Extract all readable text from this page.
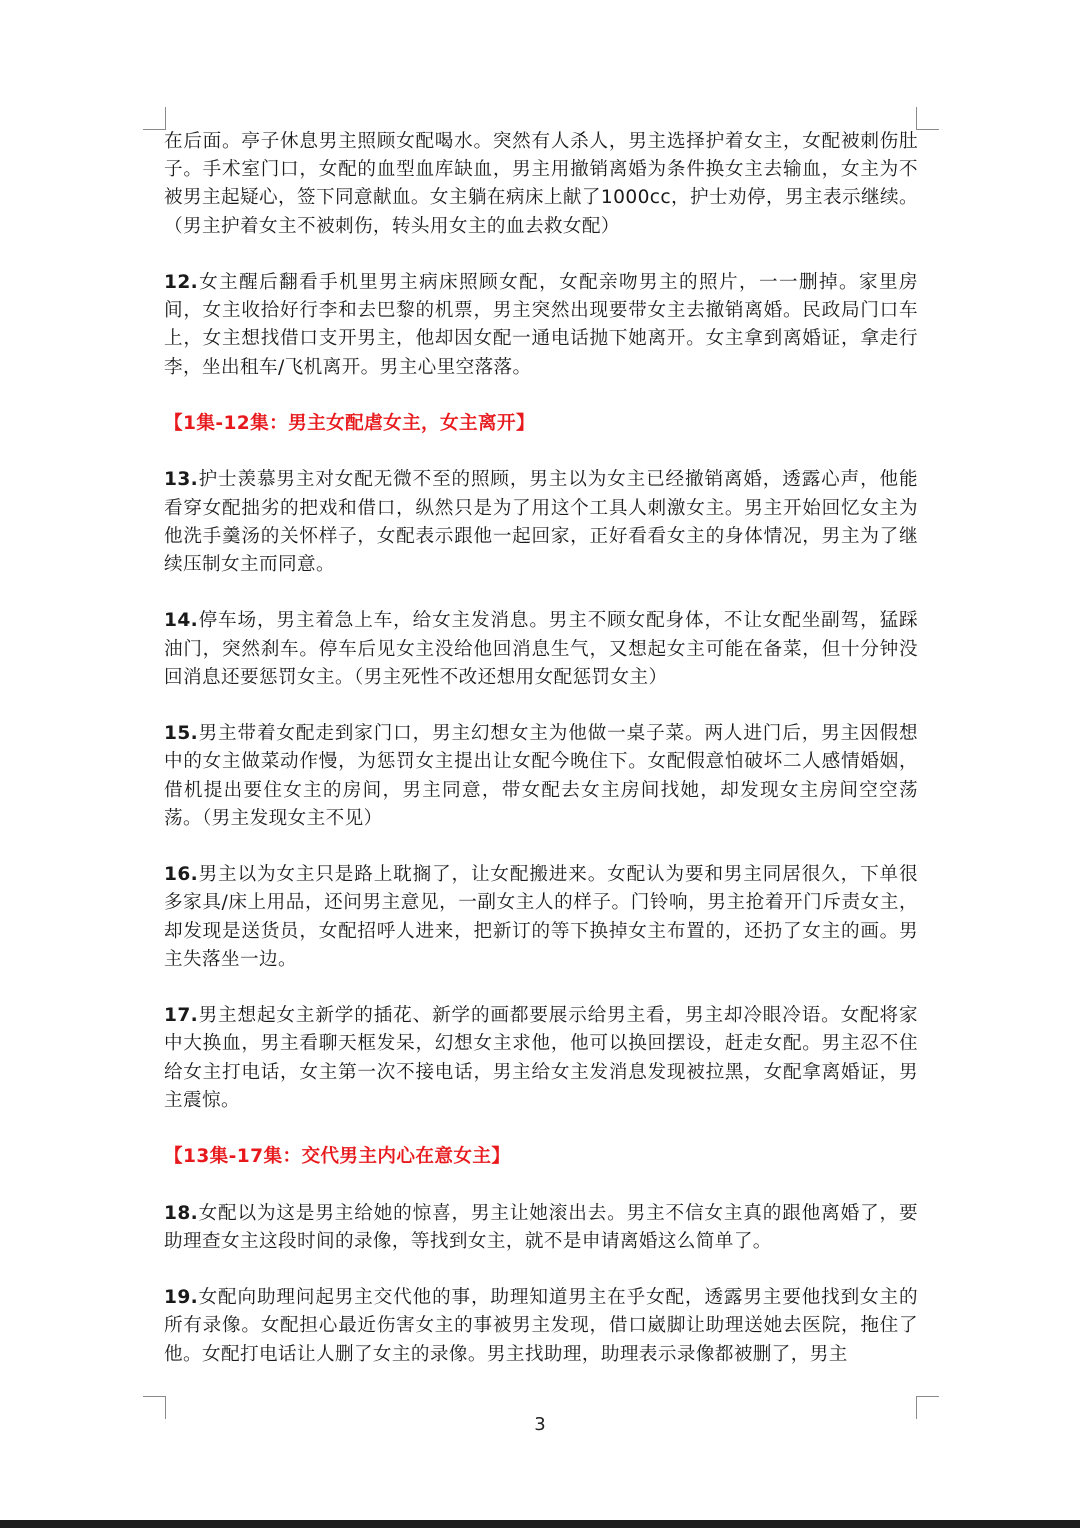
在后面。亭子休息男主照顾女配喝水。突然有人杀人，男主选择护着女主，女配被刺伤肚子。手术室门口，女配的血型血库缺血，男主用撤销离婚为条件换女主去输血，女主为不被男主起疑心，签下同意献血。女主躺在病床上献了1000cc，护士劝停，男主表示继续。（男主护着女主不被刺伤，转头用女主的血去救女配）

12.女主醒后翻看手机里男主病床照顾女配，女配亲吻男主的照片，一一删掉。家里房间，女主收拾好行李和去巴黎的机票，男主突然出现要带女主去撤销离婚。民政局门口车上，女主想找借口支开男主，他却因女配一通电话抛下她离开。女主拿到离婚证，拿走行李，坐出租车/飞机离开。男主心里空落落。

【1集-12集：男主女配虐女主，女主离开】

13.护士羡慕男主对女配无微不至的照顾，男主以为女主已经撤销离婚，透露心声，他能看穿女配拙劣的把戏和借口，纵然只是为了用这个工具人刺激女主。男主开始回忆女主为他洗手羹汤的关怀样子，女配表示跟他一起回家，正好看看女主的身体情况，男主为了继续压制女主而同意。

14.停车场，男主着急上车，给女主发消息。男主不顾女配身体，不让女配坐副驾，猛踩油门，突然刹车。停车后见女主没给他回消息生气，又想起女主可能在备菜，但十分钟没回消息还要惩罚女主。（男主死性不改还想用女配惩罚女主）

15.男主带着女配走到家门口，男主幻想女主为他做一桌子菜。两人进门后，男主因假想中的女主做菜动作慢，为惩罚女主提出让女配今晚住下。女配假意怕破坏二人感情婚姻，借机提出要住女主的房间，男主同意，带女配去女主房间找她，却发现女主房间空空荡荡。（男主发现女主不见）

16.男主以为女主只是路上耽搁了，让女配搬进来。女配认为要和男主同居很久，下单很多家具/床上用品，还问男主意见，一副女主人的样子。门铃响，男主抢着开门斥责女主，却发现是送货员，女配招呼人进来，把新订的等下换掉女主布置的，还扔了女主的画。男主失落坐一边。

17.男主想起女主新学的插花、新学的画都要展示给男主看，男主却冷眼冷语。女配将家中大换血，男主看聊天框发呆，幻想女主求他，他可以换回摆设，赶走女配。男主忍不住给女主打电话，女主第一次不接电话，男主给女主发消息发现被拉黑，女配拿离婚证，男主震惊。

【13集-17集：交代男主内心在意女主】

18.女配以为这是男主给她的惊喜，男主让她滚出去。男主不信女主真的跟他离婚了，要助理查女主这段时间的录像，等找到女主，就不是申请离婚这么简单了。

19.女配向助理问起男主交代他的事，助理知道男主在乎女配，透露男主要他找到女主的所有录像。女配担心最近伤害女主的事被男主发现，借口崴脚让助理送她去医院，拖住了他。女配打电话让人删了女主的录像。男主找助理，助理表示录像都被删了，男主

3
